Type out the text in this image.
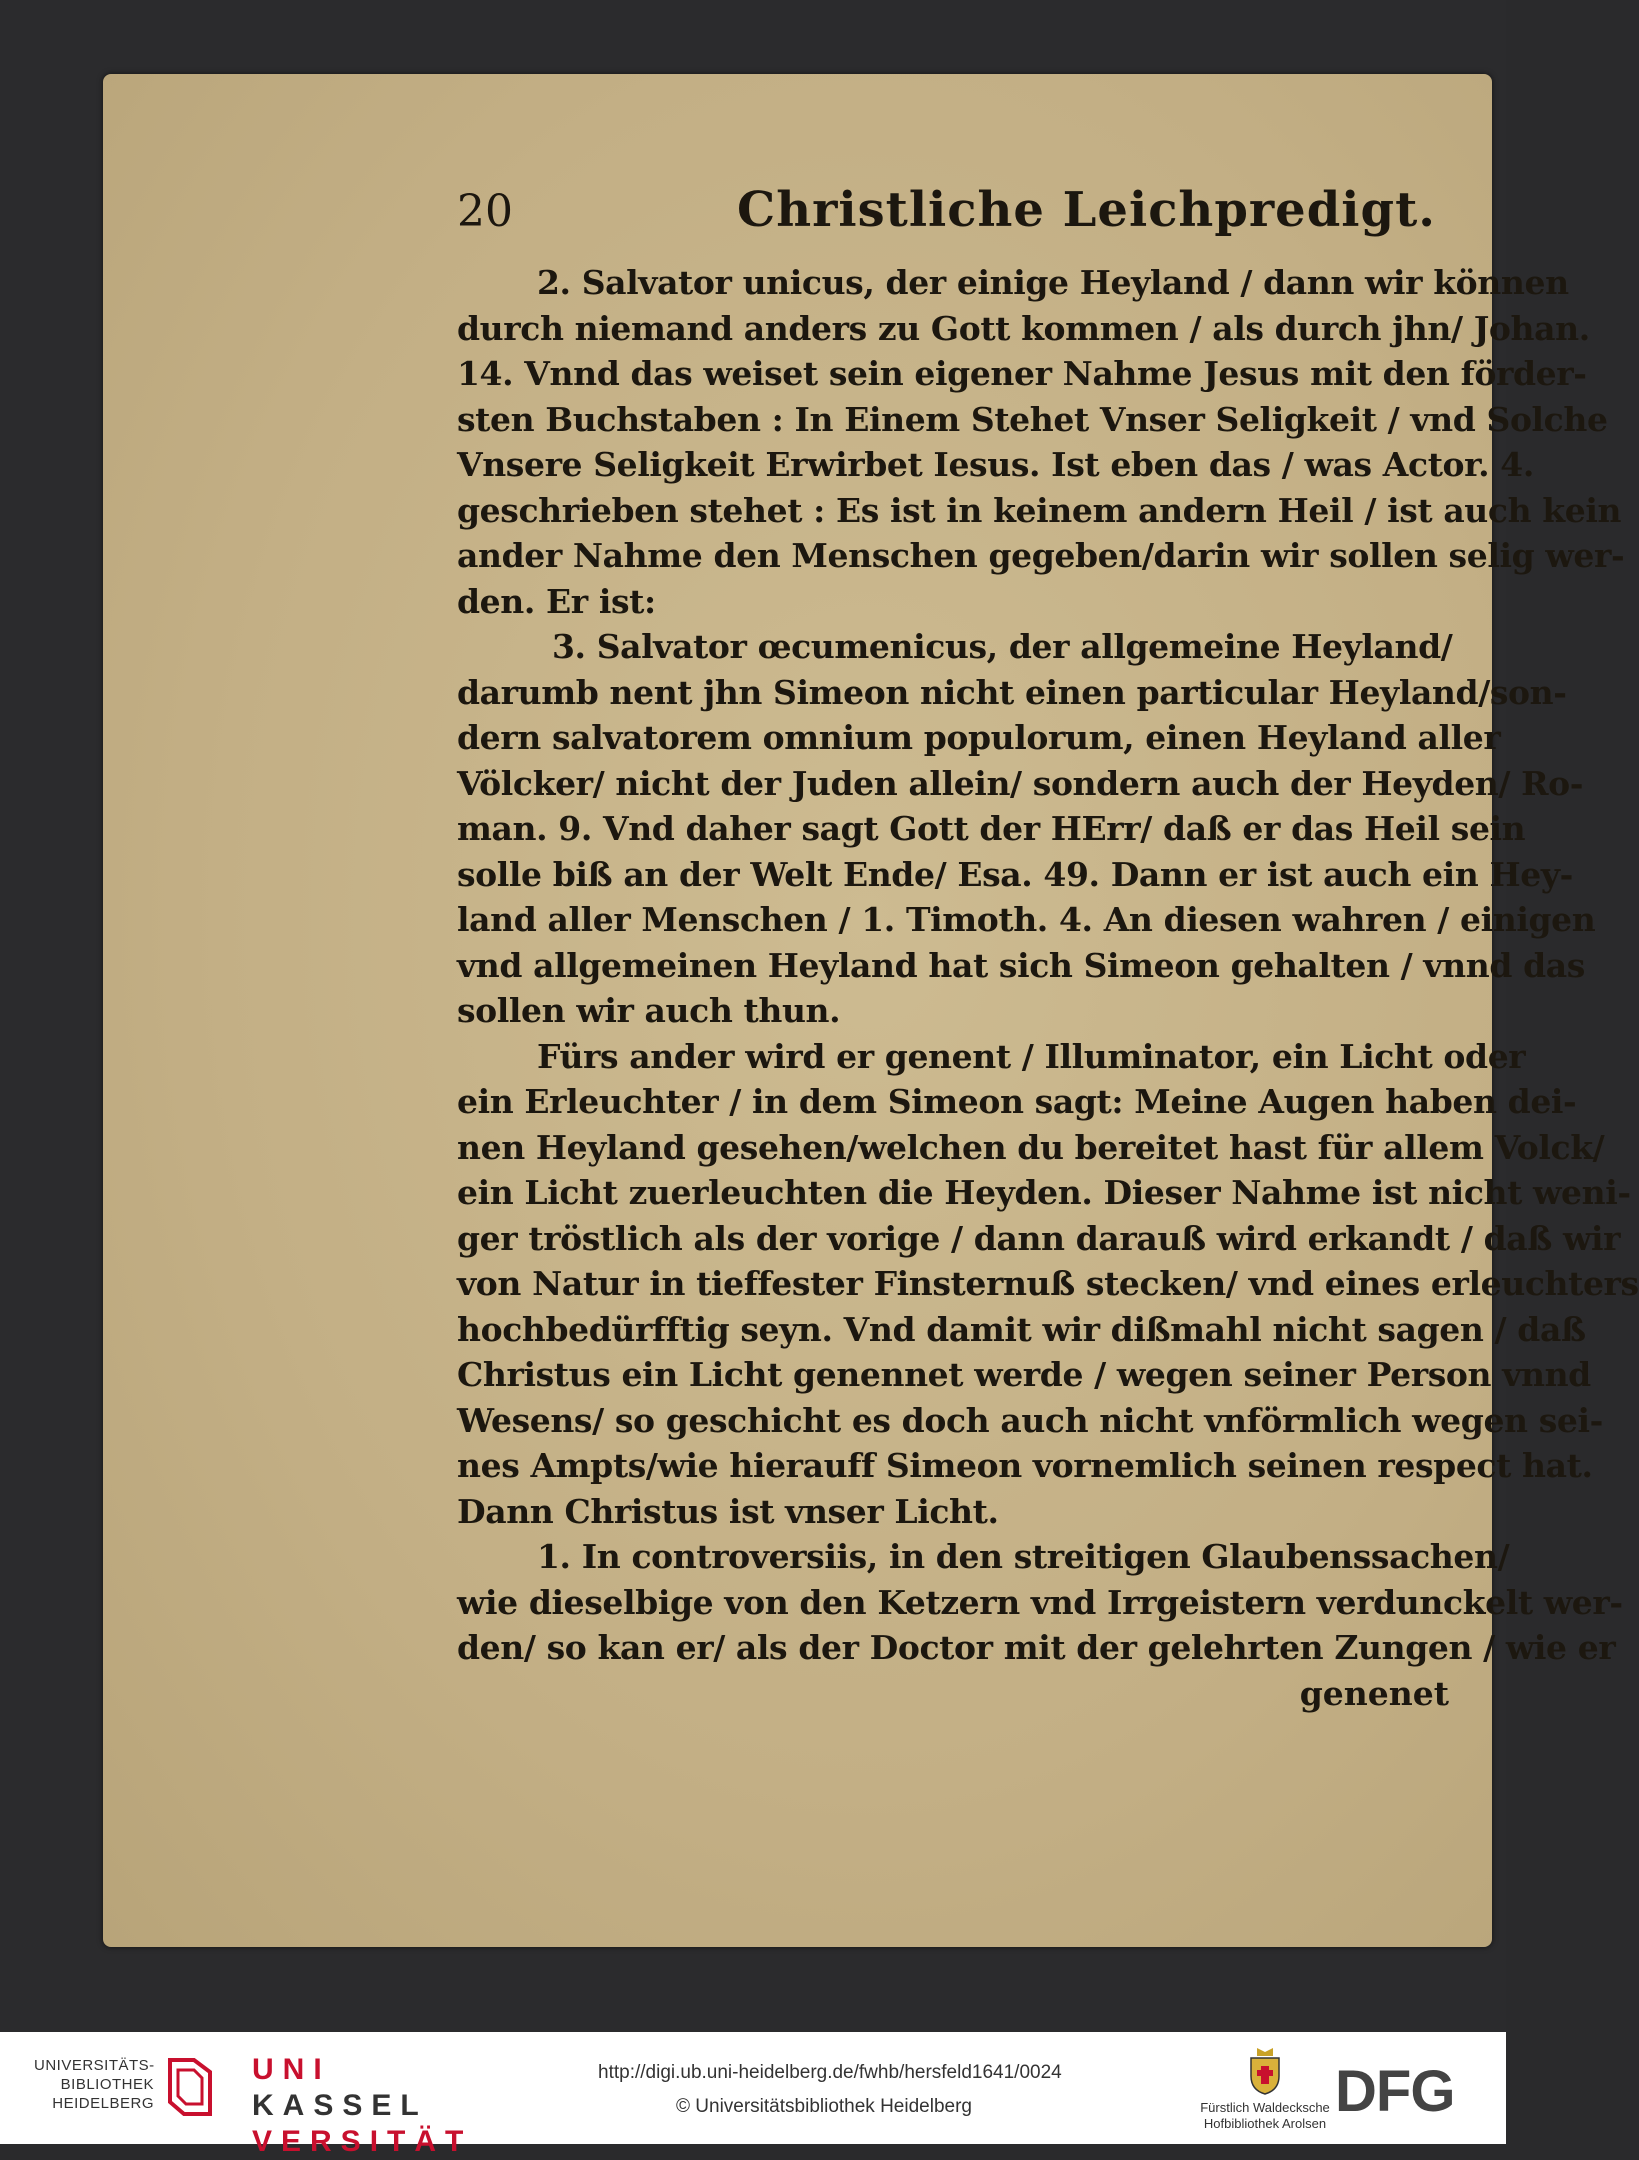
20	Christliche Leichpredigt.
2. Salvator unicus, der einige Heyland / dann wir können
durch niemand anders zu Gott kommen / als durch jhn/ Johan.
14. Vnnd das weiset sein eigener Nahme Jesus mit den förder-
sten Buchstaben : In Einem Stehet Vnser Seligkeit / vnd Solche
Vnsere Seligkeit Erwirbet Iesus. Ist eben das / was Actor. 4.
geschrieben stehet : Es ist in keinem andern Heil / ist auch kein
ander Nahme den Menschen gegeben/darin wir sollen selig wer-
den. Er ist:
3. Salvator œcumenicus, der allgemeine Heyland/
darumb nent jhn Simeon nicht einen particular Heyland/son-
dern salvatorem omnium populorum, einen Heyland aller
Völcker/ nicht der Juden allein/ sondern auch der Heyden/ Ro-
man. 9. Vnd daher sagt Gott der HErr/ daß er das Heil sein
solle biß an der Welt Ende/ Esa. 49. Dann er ist auch ein Hey-
land aller Menschen / 1. Timoth. 4. An diesen wahren / einigen
vnd allgemeinen Heyland hat sich Simeon gehalten / vnnd das
sollen wir auch thun.
Fürs ander wird er genent / Illuminator, ein Licht oder
ein Erleuchter / in dem Simeon sagt: Meine Augen haben dei-
nen Heyland gesehen/welchen du bereitet hast für allem Volck/
ein Licht zuerleuchten die Heyden. Dieser Nahme ist nicht weni-
ger tröstlich als der vorige / dann darauß wird erkandt / daß wir
von Natur in tieffester Finsternuß stecken/ vnd eines erleuchters
hochbedürfftig seyn. Vnd damit wir dißmahl nicht sagen / daß
Christus ein Licht genennet werde / wegen seiner Person vnnd
Wesens/ so geschicht es doch auch nicht vnförmlich wegen sei-
nes Ampts/wie hierauff Simeon vornemlich seinen respect hat.
Dann Christus ist vnser Licht.
1. In controversiis, in den streitigen Glaubenssachen/
wie dieselbige von den Ketzern vnd Irrgeistern verdunckelt wer-
den/ so kan er/ als der Doctor mit der gelehrten Zungen / wie er
genenet
UNIVERSITÄTS-
BIBLIOTHEK
HEIDELBERG
UNI KASSEL
VERSITÄT
http://digi.ub.uni-heidelberg.de/fwhb/hersfeld1641/0024
© Universitätsbibliothek Heidelberg	Fürstlich Waldecksche
Hofbibliothek Arolsen DFG
